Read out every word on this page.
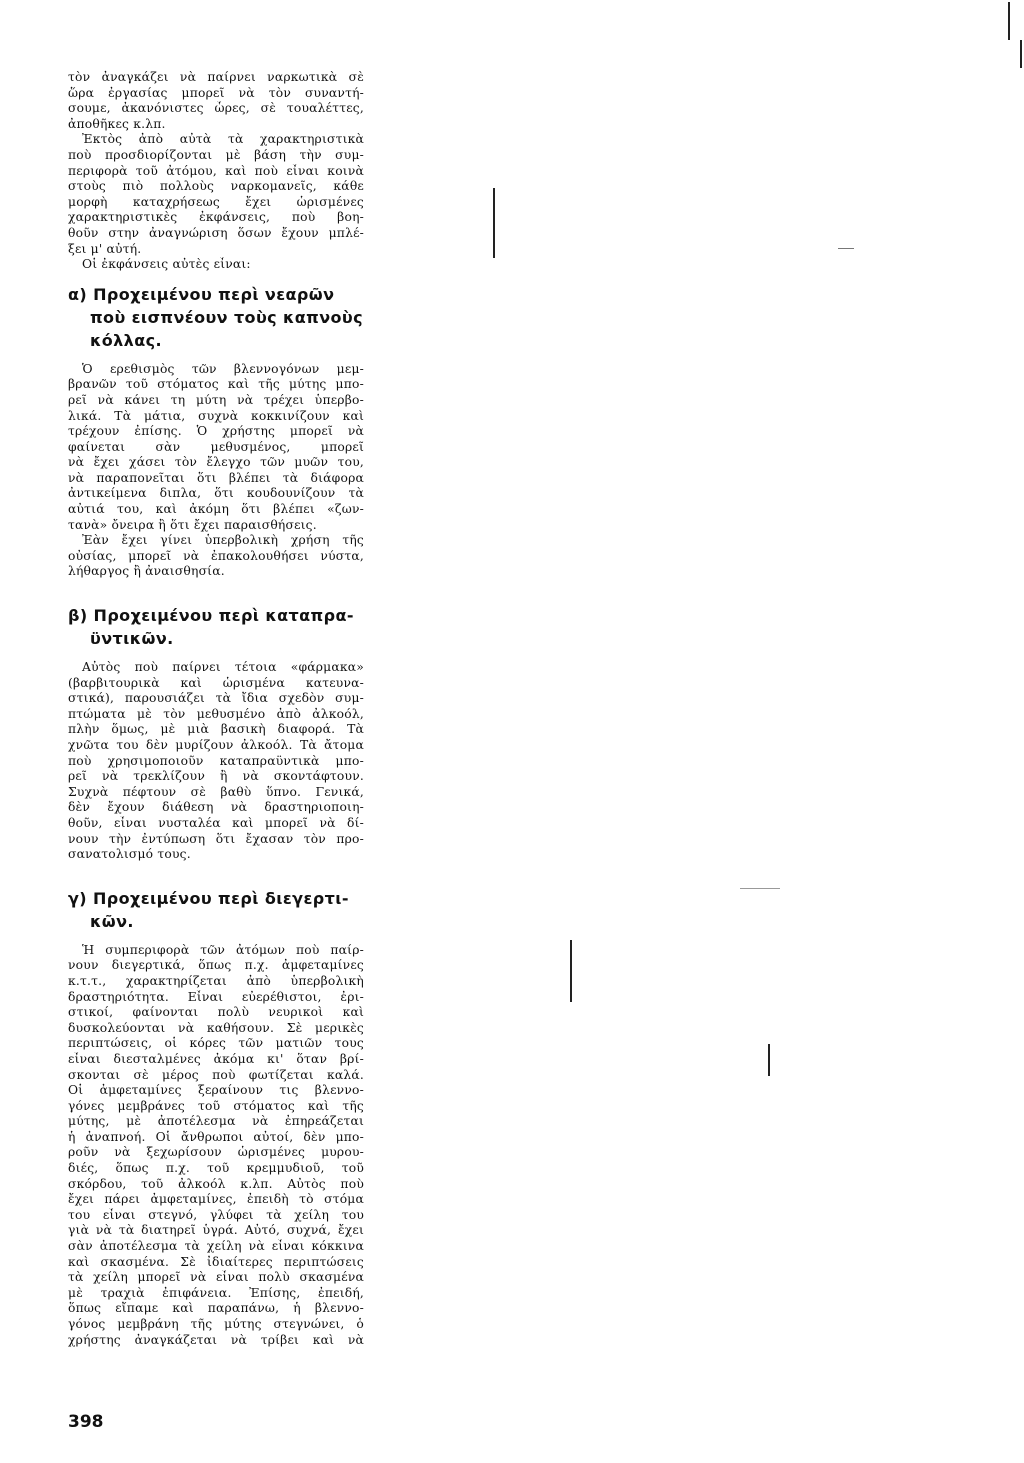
τὸν ἀναγκάζει νὰ παίρνει ναρκωτικὰ σὲ
ὥρα ἐργασίας μπορεῖ νὰ τὸν συναντή-
σουμε, ἀκανόνιστες ὧρες, σὲ τουαλέττες,
ἀποθῆκες κ.λπ.
Ἐκτὸς ἀπὸ αὐτὰ τὰ χαρακτηριστικὰ
ποὺ προσδιορίζονται μὲ βάση τὴν συμ-
περιφορὰ τοῦ ἀτόμου, καὶ ποὺ εἶναι κοινὰ
στοὺς πιὸ πολλοὺς ναρκομανεῖς, κάθε
μορφὴ καταχρήσεως ἔχει ὡρισμένες
χαρακτηριστικὲς ἐκφάνσεις, ποὺ βοη-
θοῦν στην ἀναγνώριση ὅσων ἔχουν μπλέ-
ξει μ' αὐτή.
Οἱ ἐκφάνσεις αὐτὲς εἶναι:
α) Προχειμένου περὶ νεαρῶν
ποὺ εισπνέουν τοὺς καπνοὺς
κόλλας.
Ὁ ερεθισμὸς τῶν βλεννογόνων μεμ-
βρανῶν τοῦ στόματος καὶ τῆς μύτης μπο-
ρεῖ νὰ κάνει τη μύτη νὰ τρέχει ὑπερβο-
λικά. Τὰ μάτια, συχνὰ κοκκινίζουν καὶ
τρέχουν ἐπίσης. Ὁ χρήστης μπορεῖ νὰ
φαίνεται σὰν μεθυσμένος, μπορεῖ
νὰ ἔχει χάσει τὸν ἔλεγχο τῶν μυῶν του,
νὰ παραπονεῖται ὅτι βλέπει τὰ διάφορα
ἀντικείμενα διπλα, ὅτι κουδουνίζουν τὰ
αὐτιά του, καὶ ἀκόμη ὅτι βλέπει «ζων-
τανὰ» ὄνειρα ἢ ὅτι ἔχει παραισθήσεις.
Ἐὰν ἔχει γίνει ὑπερβολικὴ χρήση τῆς
οὐσίας, μπορεῖ νὰ ἐπακολουθήσει νύστα,
λήθαργος ἢ ἀναισθησία.
β) Προχειμένου περὶ καταπρα-
ϋντικῶν.
Αὐτὸς ποὺ παίρνει τέτοια «φάρμακα»
(βαρβιτουρικὰ καὶ ὡρισμένα κατευνα-
στικά), παρουσιάζει τὰ ἴδια σχεδὸν συμ-
πτώματα μὲ τὸν μεθυσμένο ἀπὸ ἀλκοόλ,
πλὴν ὅμως, μὲ μιὰ βασικὴ διαφορά. Τὰ
χνῶτα του δὲν μυρίζουν ἀλκοόλ. Τὰ ἄτομα
ποὺ χρησιμοποιοῦν καταπραϋντικὰ μπο-
ρεῖ νὰ τρεκλίζουν ἢ νὰ σκοντάφτουν.
Συχνὰ πέφτουν σὲ βαθὺ ὕπνο. Γενικά,
δὲν ἔχουν διάθεση νὰ δραστηριοποιη-
θοῦν, εἶναι νυσταλέα καὶ μπορεῖ νὰ δί-
νουν τὴν ἐντύπωση ὅτι ἔχασαν τὸν προ-
σανατολισμό τους.
γ) Προχειμένου περὶ διεγερτι-
κῶν.
Ἡ συμπεριφορὰ τῶν ἀτόμων ποὺ παίρ-
νουν διεγερτικά, ὅπως π.χ. ἀμφεταμίνες
κ.τ.τ., χαρακτηρίζεται ἀπὸ ὑπερβολικὴ
δραστηριότητα. Εἶναι εὐερέθιστοι, ἐρι-
στικοί, φαίνονται πολὺ νευρικοὶ καὶ
δυσκολεύονται νὰ καθήσουν. Σὲ μερικὲς
περιπτώσεις, οἱ κόρες τῶν ματιῶν τους
εἶναι διεσταλμένες ἀκόμα κι' ὅταν βρί-
σκονται σὲ μέρος ποὺ φωτίζεται καλά.
Οἱ ἀμφεταμίνες ξεραίνουν τις βλεννο-
γόνες μεμβράνες τοῦ στόματος καὶ τῆς
μύτης, μὲ ἀποτέλεσμα νὰ ἐπηρεάζεται
ἡ ἀναπνοή. Οἱ ἄνθρωποι αὐτοί, δὲν μπο-
ροῦν νὰ ξεχωρίσουν ὡρισμένες μυρου-
διές, ὅπως π.χ. τοῦ κρεμμυδιοῦ, τοῦ
σκόρδου, τοῦ ἀλκοόλ κ.λπ. Αὐτὸς ποὺ
ἔχει πάρει ἀμφεταμίνες, ἐπειδὴ τὸ στόμα
του εἶναι στεγνό, γλύφει τὰ χείλη του
γιὰ νὰ τὰ διατηρεῖ ὑγρά. Αὐτό, συχνά, ἔχει
σὰν ἀποτέλεσμα τὰ χείλη νὰ εἶναι κόκκινα
καὶ σκασμένα. Σὲ ἰδιαίτερες περιπτώσεις
τὰ χείλη μπορεῖ νὰ εἶναι πολὺ σκασμένα
μὲ τραχιὰ ἐπιφάνεια. Ἐπίσης, ἐπειδή,
ὅπως εἴπαμε καὶ παραπάνω, ἡ βλεννο-
γόνος μεμβράνη τῆς μύτης στεγνώνει, ὁ
χρήστης ἀναγκάζεται νὰ τρίβει καὶ νὰ
398
